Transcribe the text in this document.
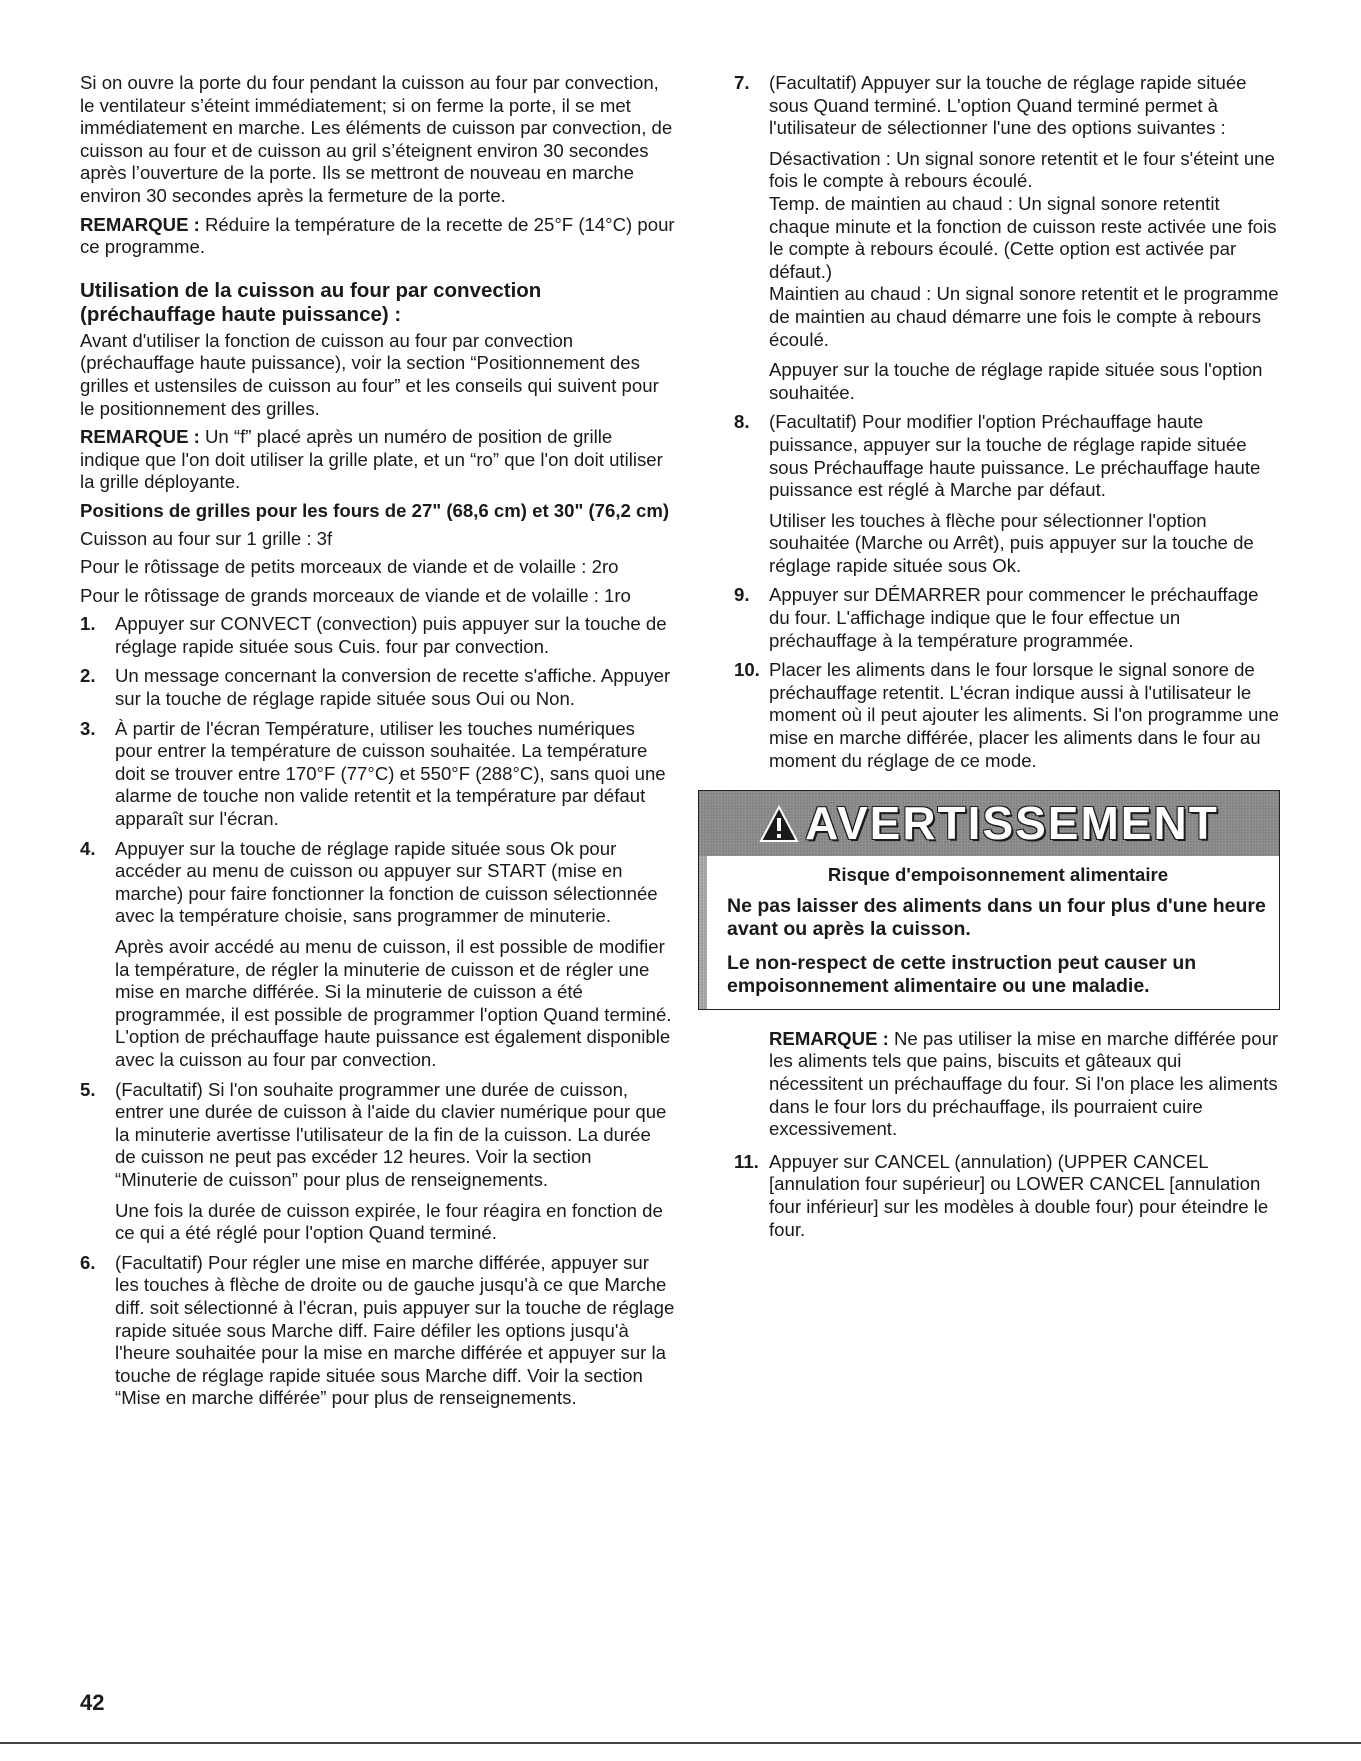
Si on ouvre la porte du four pendant la cuisson au four par convection, le ventilateur s’éteint immédiatement; si on ferme la porte, il se met immédiatement en marche. Les éléments de cuisson par convection, de cuisson au four et de cuisson au gril s’éteignent environ 30 secondes après l’ouverture de la porte. Ils se mettront de nouveau en marche environ 30 secondes après la fermeture de la porte.

REMARQUE : Réduire la température de la recette de 25°F (14°C) pour ce programme.

Utilisation de la cuisson au four par convection (préchauffage haute puissance) :

Avant d'utiliser la fonction de cuisson au four par convection (préchauffage haute puissance), voir la section “Positionnement des grilles et ustensiles de cuisson au four” et les conseils qui suivent pour le positionnement des grilles.

REMARQUE : Un “f” placé après un numéro de position de grille indique que l'on doit utiliser la grille plate, et un “ro” que l'on doit utiliser la grille déployante.

Positions de grilles pour les fours de 27" (68,6 cm) et 30" (76,2 cm)

Cuisson au four sur 1 grille : 3f

Pour le rôtissage de petits morceaux de viande et de volaille : 2ro

Pour le rôtissage de grands morceaux de viande et de volaille : 1ro

1.	Appuyer sur CONVECT (convection) puis appuyer sur la touche de réglage rapide située sous Cuis. four par convection.

2.	Un message concernant la conversion de recette s'affiche. Appuyer sur la touche de réglage rapide située sous Oui ou Non.

3.	À partir de l'écran Température, utiliser les touches numériques pour entrer la température de cuisson souhaitée. La température doit se trouver entre 170°F (77°C) et 550°F (288°C), sans quoi une alarme de touche non valide retentit et la température par défaut apparaît sur l'écran.

4.	Appuyer sur la touche de réglage rapide située sous Ok pour accéder au menu de cuisson ou appuyer sur START (mise en marche) pour faire fonctionner la fonction de cuisson sélectionnée avec la température choisie, sans programmer de minuterie.

Après avoir accédé au menu de cuisson, il est possible de modifier la température, de régler la minuterie de cuisson et de régler une mise en marche différée. Si la minuterie de cuisson a été programmée, il est possible de programmer l'option Quand terminé. L'option de préchauffage haute puissance est également disponible avec la cuisson au four par convection.

5.	(Facultatif) Si l'on souhaite programmer une durée de cuisson, entrer une durée de cuisson à l'aide du clavier numérique pour que la minuterie avertisse l'utilisateur de la fin de la cuisson. La durée de cuisson ne peut pas excéder 12 heures. Voir la section “Minuterie de cuisson” pour plus de renseignements.

Une fois la durée de cuisson expirée, le four réagira en fonction de ce qui a été réglé pour l'option Quand terminé.

6.	(Facultatif) Pour régler une mise en marche différée, appuyer sur les touches à flèche de droite ou de gauche jusqu'à ce que Marche diff. soit sélectionné à l'écran, puis appuyer sur la touche de réglage rapide située sous Marche diff. Faire défiler les options jusqu'à l'heure souhaitée pour la mise en marche différée et appuyer sur la touche de réglage rapide située sous Marche diff. Voir la section “Mise en marche différée” pour plus de renseignements.

7.	(Facultatif) Appuyer sur la touche de réglage rapide située sous Quand terminé. L'option Quand terminé permet à l'utilisateur de sélectionner l'une des options suivantes :

Désactivation : Un signal sonore retentit et le four s'éteint une fois le compte à rebours écoulé.
Temp. de maintien au chaud : Un signal sonore retentit chaque minute et la fonction de cuisson reste activée une fois le compte à rebours écoulé. (Cette option est activée par défaut.)
Maintien au chaud : Un signal sonore retentit et le programme de maintien au chaud démarre une fois le compte à rebours écoulé.

Appuyer sur la touche de réglage rapide située sous l'option souhaitée.

8.	(Facultatif) Pour modifier l'option Préchauffage haute puissance, appuyer sur la touche de réglage rapide située sous Préchauffage haute puissance. Le préchauffage haute puissance est réglé à Marche par défaut.

Utiliser les touches à flèche pour sélectionner l'option souhaitée (Marche ou Arrêt), puis appuyer sur la touche de réglage rapide située sous Ok.

9.	Appuyer sur DÉMARRER pour commencer le préchauffage du four. L'affichage indique que le four effectue un préchauffage à la température programmée.

10. Placer les aliments dans le four lorsque le signal sonore de préchauffage retentit. L'écran indique aussi à l'utilisateur le moment où il peut ajouter les aliments. Si l'on programme une mise en marche différée, placer les aliments dans le four au moment du réglage de ce mode.

AVERTISSEMENT
Risque d'empoisonnement alimentaire

Ne pas laisser des aliments dans un four plus d'une heure avant ou après la cuisson.

Le non-respect de cette instruction peut causer un empoisonnement alimentaire ou une maladie.

REMARQUE : Ne pas utiliser la mise en marche différée pour les aliments tels que pains, biscuits et gâteaux qui nécessitent un préchauffage du four. Si l'on place les aliments dans le four lors du préchauffage, ils pourraient cuire excessivement.

11. Appuyer sur CANCEL (annulation) (UPPER CANCEL [annulation four supérieur] ou LOWER CANCEL [annulation four inférieur] sur les modèles à double four) pour éteindre le four.

42
